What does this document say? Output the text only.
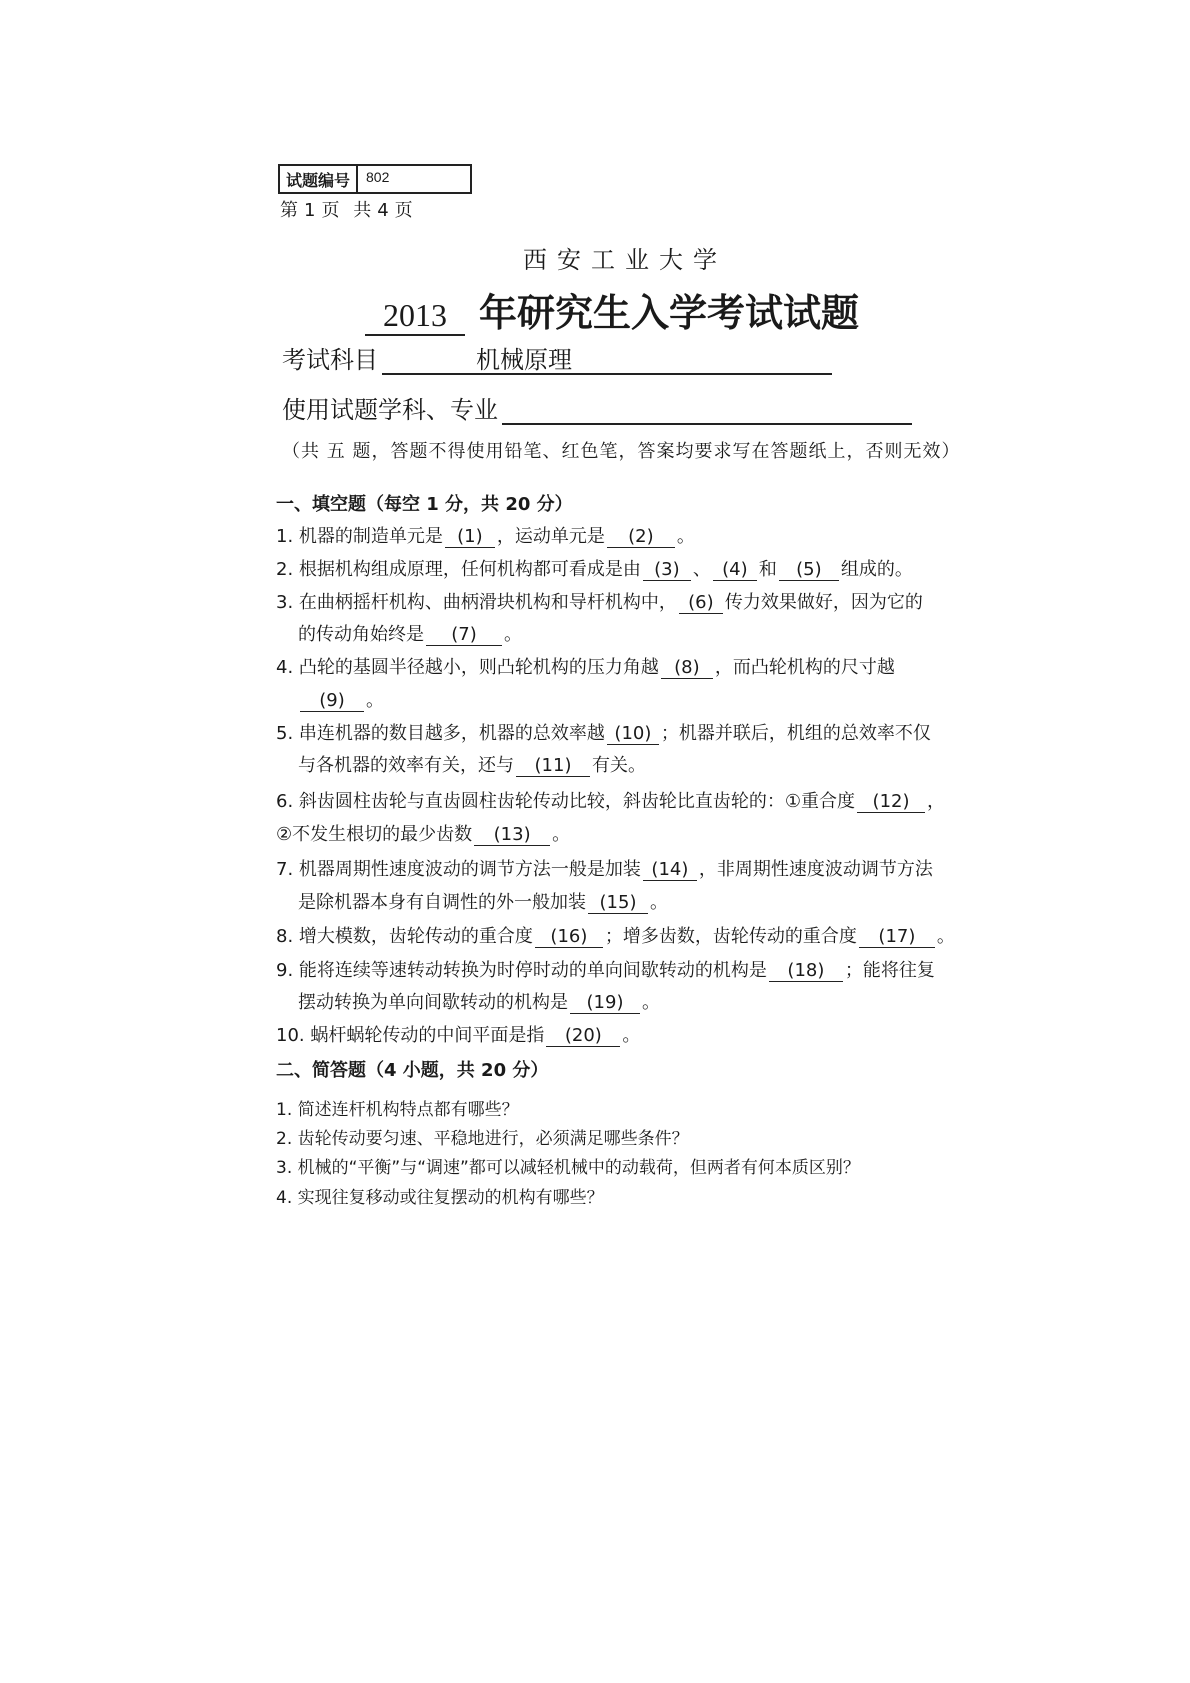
试题编号	802
第 1 页 共 4 页
西安工业大学
2013 年研究生入学考试试题
考试科目	机械原理
使用试题学科、专业
（共 五 题，答题不得使用铅笔、红色笔，答案均要求写在答题纸上，否则无效）
一、填空题（每空 1 分，共 20 分）
1. 机器的制造单元是 (1) ，运动单元是 (2) 。
2. 根据机构组成原理，任何机构都可看成是由 (3) 、 (4) 和 (5) 组成的。
3. 在曲柄摇杆机构、曲柄滑块机构和导杆机构中， (6) 传力效果做好，因为它的
的传动角始终是 (7) 。
4. 凸轮的基圆半径越小，则凸轮机构的压力角越 (8) ，而凸轮机构的尺寸越
(9) 。
5. 串连机器的数目越多，机器的总效率越 (10) ；机器并联后，机组的总效率不仅
与各机器的效率有关，还与 (11) 有关。
6. 斜齿圆柱齿轮与直齿圆柱齿轮传动比较，斜齿轮比直齿轮的：①重合度 (12) ，
②不发生根切的最少齿数 (13) 。
7. 机器周期性速度波动的调节方法一般是加装 (14) ，非周期性速度波动调节方法
是除机器本身有自调性的外一般加装 (15) 。
8. 增大模数，齿轮传动的重合度 (16) ；增多齿数，齿轮传动的重合度 (17) 。
9. 能将连续等速转动转换为时停时动的单向间歇转动的机构是 (18) ；能将往复
摆动转换为单向间歇转动的机构是 (19) 。
10. 蜗杆蜗轮传动的中间平面是指 (20) 。
二、简答题（4 小题，共 20 分）
1. 简述连杆机构特点都有哪些？
2. 齿轮传动要匀速、平稳地进行，必须满足哪些条件？
3. 机械的“平衡”与“调速”都可以减轻机械中的动载荷，但两者有何本质区别？
4. 实现往复移动或往复摆动的机构有哪些？
